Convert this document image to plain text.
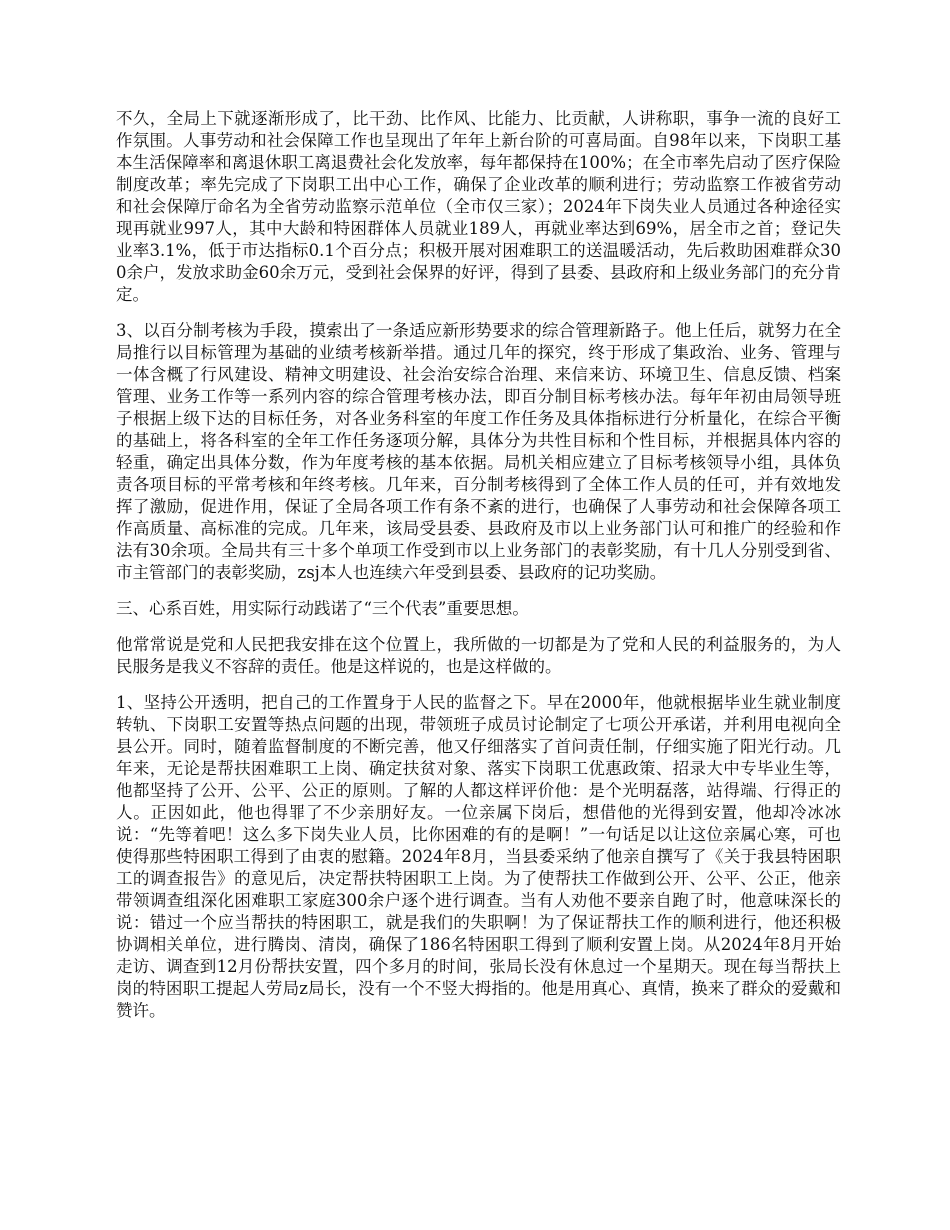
不久，全局上下就逐渐形成了，比干劲、比作风、比能力、比贡献，人讲称职，事争一流的良好工作氛围。人事劳动和社会保障工作也呈现出了年年上新台阶的可喜局面。自98年以来，下岗职工基本生活保障率和离退休职工离退费社会化发放率，每年都保持在100%；在全市率先启动了医疗保险制度改革；率先完成了下岗职工出中心工作，确保了企业改革的顺利进行；劳动监察工作被省劳动和社会保障厅命名为全省劳动监察示范单位（全市仅三家）；2024年下岗失业人员通过各种途径实现再就业997人，其中大龄和特困群体人员就业189人，再就业率达到69%，居全市之首；登记失业率3.1%，低于市达指标0.1个百分点；积极开展对困难职工的送温暖活动，先后救助困难群众300余户，发放求助金60余万元，受到社会保界的好评，得到了县委、县政府和上级业务部门的充分肯定。

3、以百分制考核为手段，摸索出了一条适应新形势要求的综合管理新路子。他上任后，就努力在全局推行以目标管理为基础的业绩考核新举措。通过几年的探究，终于形成了集政治、业务、管理与一体含概了行风建设、精神文明建设、社会治安综合治理、来信来访、环境卫生、信息反馈、档案管理、业务工作等一系列内容的综合管理考核办法，即百分制目标考核办法。每年年初由局领导班子根据上级下达的目标任务，对各业务科室的年度工作任务及具体指标进行分析量化，在综合平衡的基础上，将各科室的全年工作任务逐项分解，具体分为共性目标和个性目标，并根据具体内容的轻重，确定出具体分数，作为年度考核的基本依据。局机关相应建立了目标考核领导小组，具体负责各项目标的平常考核和年终考核。几年来，百分制考核得到了全体工作人员的任可，并有效地发挥了激励，促进作用，保证了全局各项工作有条不紊的进行，也确保了人事劳动和社会保障各项工作高质量、高标准的完成。几年来，该局受县委、县政府及市以上业务部门认可和推广的经验和作法有30余项。全局共有三十多个单项工作受到市以上业务部门的表彰奖励，有十几人分别受到省、市主管部门的表彰奖励，zsj本人也连续六年受到县委、县政府的记功奖励。

三、心系百姓，用实际行动践诺了“三个代表”重要思想。

他常常说是党和人民把我安排在这个位置上，我所做的一切都是为了党和人民的利益服务的，为人民服务是我义不容辞的责任。他是这样说的，也是这样做的。

1、坚持公开透明，把自己的工作置身于人民的监督之下。早在2000年，他就根据毕业生就业制度转轨、下岗职工安置等热点问题的出现，带领班子成员讨论制定了七项公开承诺，并利用电视向全县公开。同时，随着监督制度的不断完善，他又仔细落实了首问责任制，仔细实施了阳光行动。几年来，无论是帮扶困难职工上岗、确定扶贫对象、落实下岗职工优惠政策、招录大中专毕业生等，他都坚持了公开、公平、公正的原则。了解的人都这样评价他：是个光明磊落，站得端、行得正的人。正因如此，他也得罪了不少亲朋好友。一位亲属下岗后，想借他的光得到安置，他却冷冰冰说：“先等着吧！这么多下岗失业人员，比你困难的有的是啊！”一句话足以让这位亲属心寒，可也使得那些特困职工得到了由衷的慰籍。2024年8月，当县委采纳了他亲自撰写了《关于我县特困职工的调查报告》的意见后，决定帮扶特困职工上岗。为了使帮扶工作做到公开、公平、公正，他亲带领调查组深化困难职工家庭300余户逐个进行调查。当有人劝他不要亲自跑了时，他意味深长的说：错过一个应当帮扶的特困职工，就是我们的失职啊！为了保证帮扶工作的顺利进行，他还积极协调相关单位，进行腾岗、清岗，确保了186名特困职工得到了顺利安置上岗。从2024年8月开始走访、调查到12月份帮扶安置，四个多月的时间，张局长没有休息过一个星期天。现在每当帮扶上岗的特困职工提起人劳局z局长，没有一个不竖大拇指的。他是用真心、真情，换来了群众的爱戴和赞许。
